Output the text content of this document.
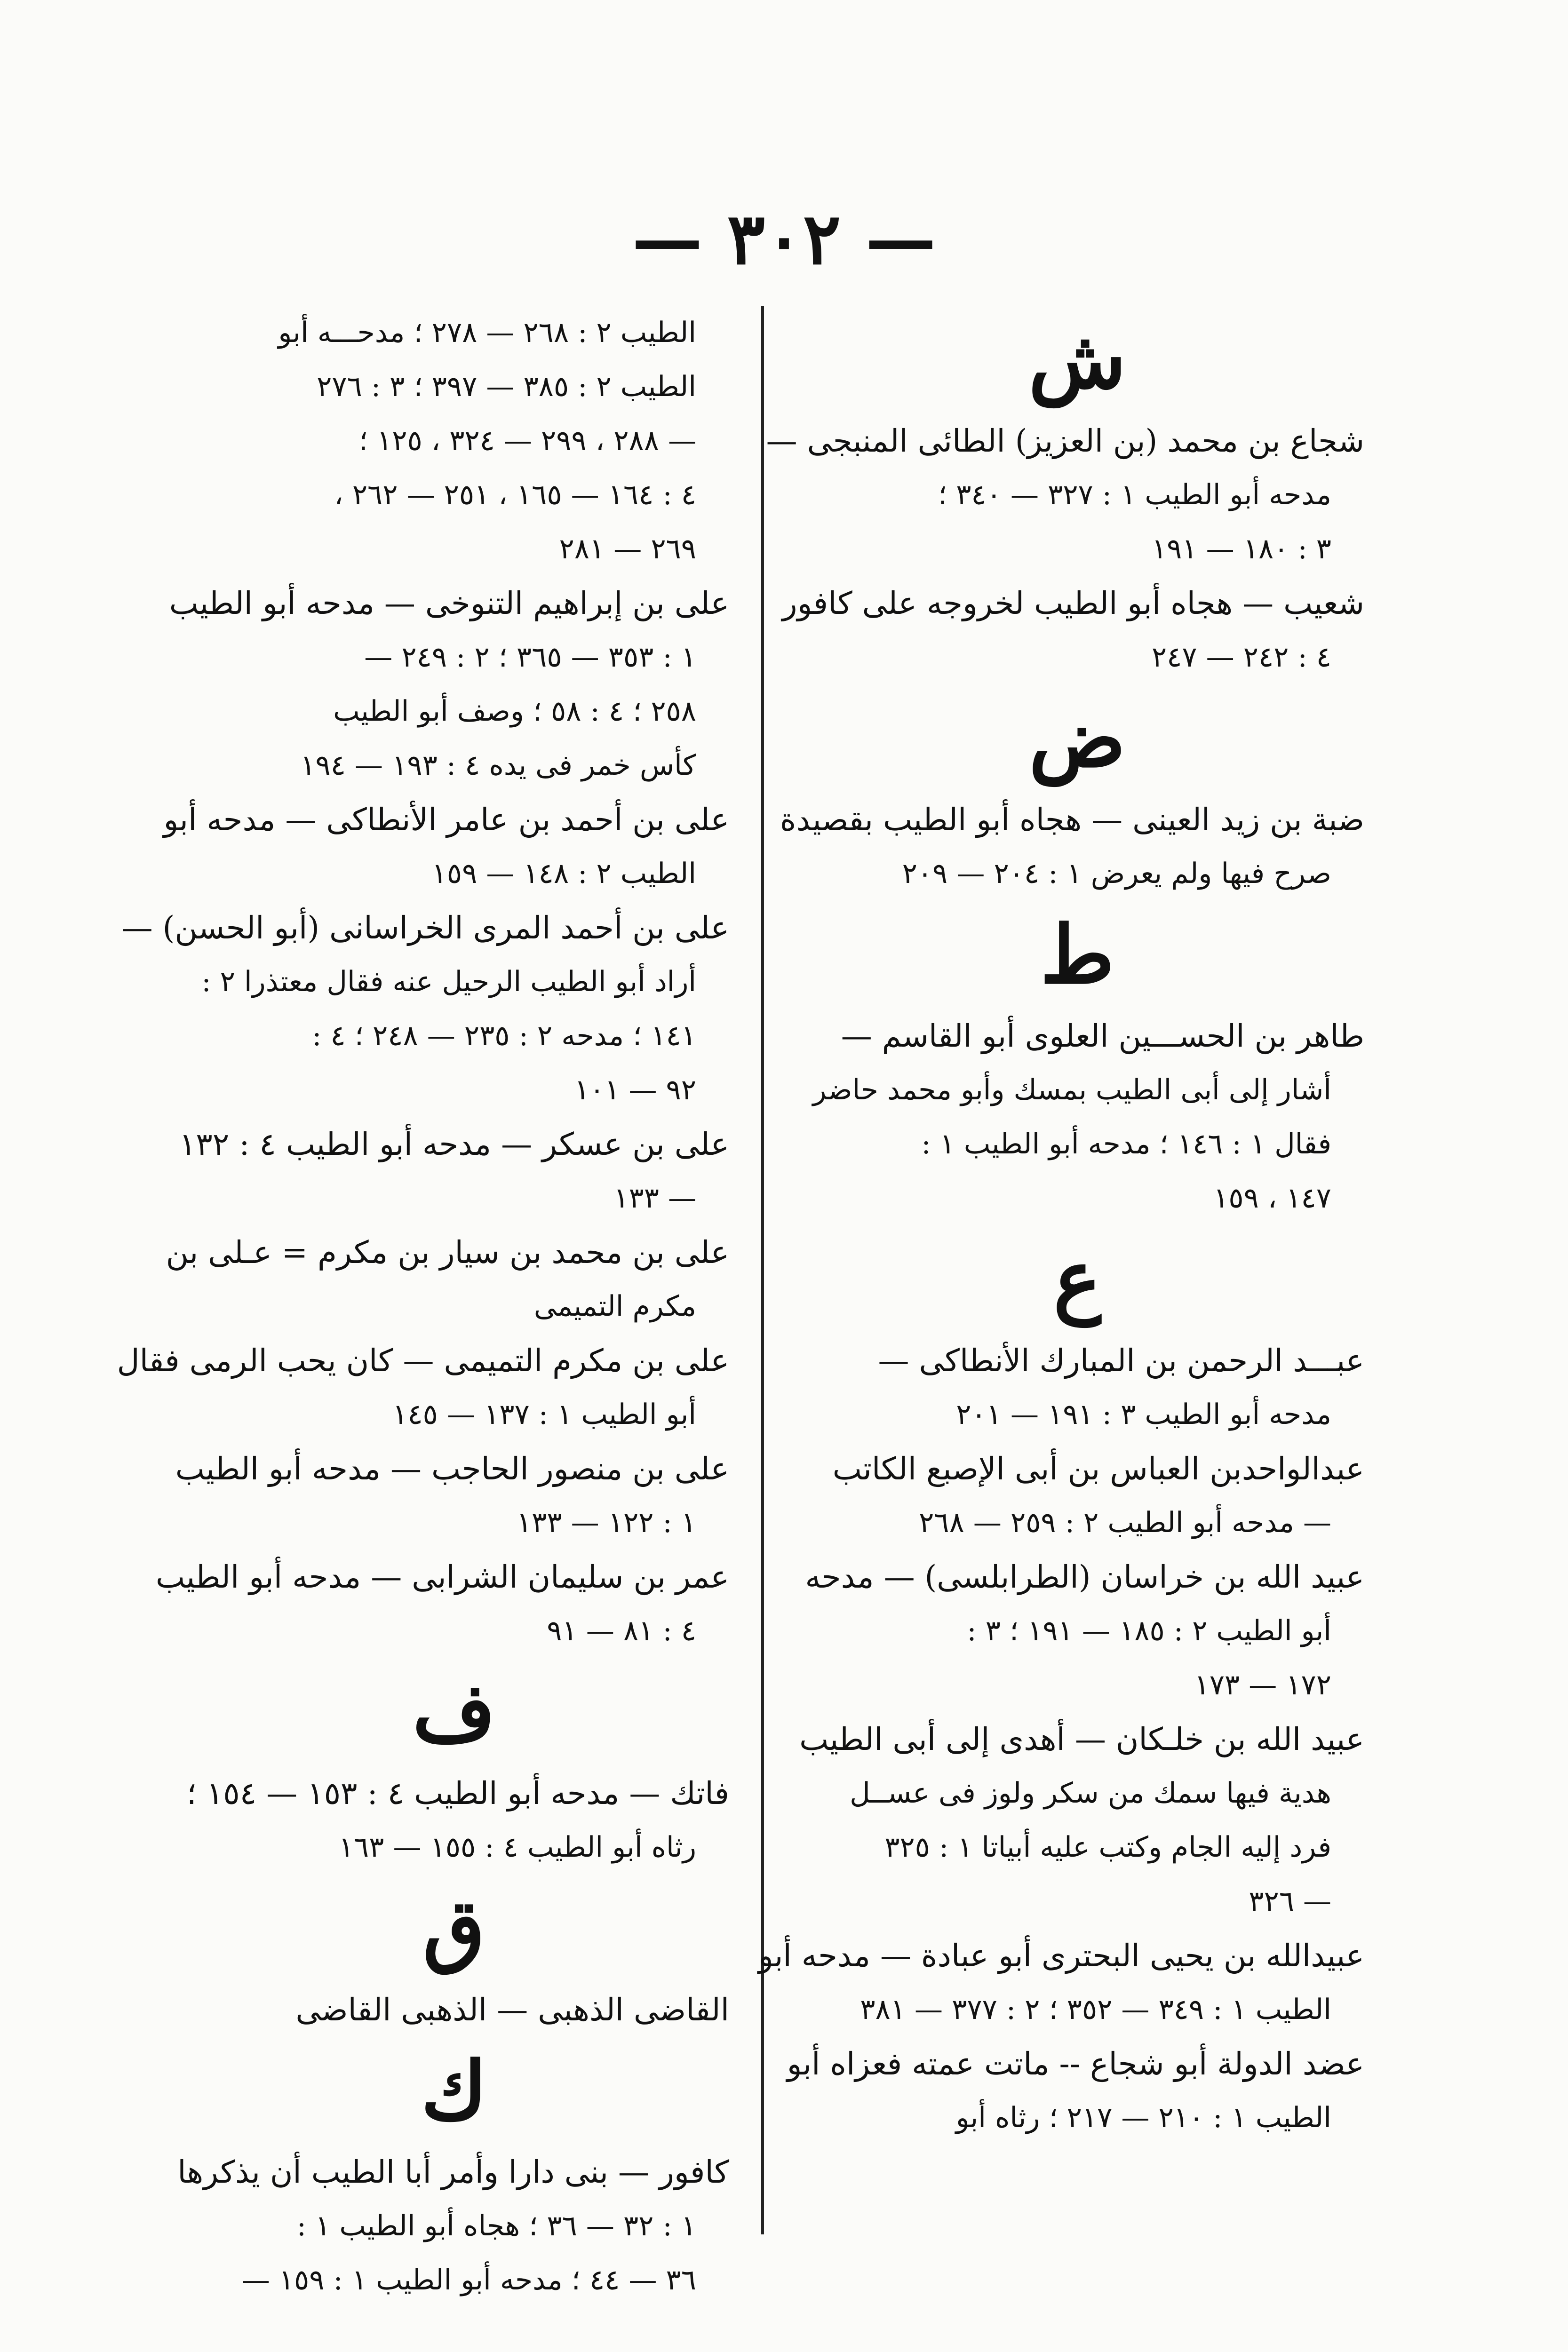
— ٣٠٢ —
ش
شجاع بن محمد (بن العزيز) الطائى المنبجى —
مدحه أبو الطيب ١ : ٣٢٧ — ٣٤٠ ؛
٣ : ١٨٠ — ١٩١
شعيب — هجاه أبو الطيب لخروجه على كافور
٤ : ٢٤٢ — ٢٤٧
ض
ضبة بن زيد العينى — هجاه أبو الطيب بقصيدة
صرح فيها ولم يعرض ١ : ٢٠٤ — ٢٠٩
ط
طاهر بن الحســـين العلوى أبو القاسم —
أشار إلى أبى الطيب بمسك وأبو محمد حاضر
فقال ١ : ١٤٦ ؛ مدحه أبو الطيب ١ :
١٤٧ ، ١٥٩
ع
عبـــد الرحمن بن المبارك الأنطاكى —
مدحه أبو الطيب ٣ : ١٩١ — ٢٠١
عبدالواحدبن العباس بن أبى الإصبع الكاتب
— مدحه أبو الطيب ٢ : ٢٥٩ — ٢٦٨
عبيد الله بن خراسان (الطرابلسى) — مدحه
أبو الطيب ٢ : ١٨٥ — ١٩١ ؛ ٣ :
١٧٢ — ١٧٣
عبيد الله بن خلـكان — أهدى إلى أبى الطيب
هدية فيها سمك من سكر ولوز فى عســل
فرد إليه الجام وكتب عليه أبياتا ١ : ٣٢٥
— ٣٢٦
عبيدالله بن يحيى البحترى أبو عبادة — مدحه أبو
الطيب ١ : ٣٤٩ — ٣٥٢ ؛ ٢ : ٣٧٧ — ٣٨١
عضد الدولة أبو شجاع -- ماتت عمته فعزاه أبو
الطيب ١ : ٢١٠ — ٢١٧ ؛ رثاه أبو
الطيب ٢ : ٢٦٨ — ٢٧٨ ؛ مدحـــه أبو
الطيب ٢ : ٣٨٥ — ٣٩٧ ؛ ٣ : ٢٧٦
— ٢٨٨ ، ٢٩٩ — ٣٢٤ ، ١٢٥ ؛
٤ : ١٦٤ — ١٦٥ ، ٢٥١ — ٢٦٢ ،
٢٦٩ — ٢٨١
على بن إبراهيم التنوخى — مدحه أبو الطيب
١ : ٣٥٣ — ٣٦٥ ؛ ٢ : ٢٤٩ —
٢٥٨ ؛ ٤ : ٥٨ ؛ وصف أبو الطيب
كأس خمر فى يده ٤ : ١٩٣ — ١٩٤
على بن أحمد بن عامر الأنطاكى — مدحه أبو
الطيب ٢ : ١٤٨ — ١٥٩
على بن أحمد المرى الخراسانى (أبو الحسن) —
أراد أبو الطيب الرحيل عنه فقال معتذرا ٢ :
١٤١ ؛ مدحه ٢ : ٢٣٥ — ٢٤٨ ؛ ٤ :
٩٢ — ١٠١
على بن عسكر — مدحه أبو الطيب ٤ : ١٣٢
— ١٣٣
على بن محمد بن سيار بن مكرم = عـلى بن
مكرم التميمى
على بن مكرم التميمى — كان يحب الرمى فقال
أبو الطيب ١ : ١٣٧ — ١٤٥
على بن منصور الحاجب — مدحه أبو الطيب
١ : ١٢٢ — ١٣٣
عمر بن سليمان الشرابى — مدحه أبو الطيب
٤ : ٨١ — ٩١
ف
فاتك — مدحه أبو الطيب ٤ : ١٥٣ — ١٥٤ ؛
رثاه أبو الطيب ٤ : ١٥٥ — ١٦٣
ق
القاضى الذهبى — الذهبى القاضى
ك
كافور — بنى دارا وأمر أبا الطيب أن يذكرها
١ : ٣٢ — ٣٦ ؛ هجاه أبو الطيب ١ :
٣٦ — ٤٤ ؛ مدحه أبو الطيب ١ : ١٥٩ —
